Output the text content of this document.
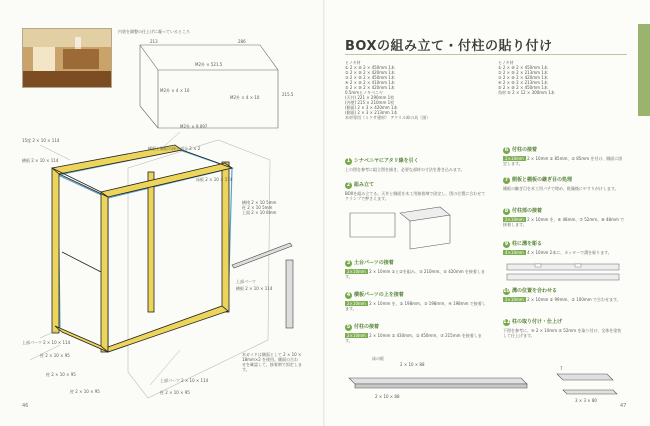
内装を調整の仕上げに凝っているところ
213	286
215.5
M2外 × 521.5
M2外 × 4 × 10
M2外 × 4 × 10
M2外 × 9.097
15度 2 × 10 × 114
横板と側板の接合部分 2 × 2
横板 2 × 10 × 114
床板 2 × 10 × 114
上部パーツ
横板 2 × 10 × 114
上部パーツ 2 × 10 × 114
柱 2 × 10 × 95
柱 2 × 10 × 95
柱 2 × 10 × 95
上部パーツ 2 × 10 × 114
柱 2 × 10 × 95
横桟 2 × 10 5mm
柱 2 × 10 5mm
上面 2 × 10 8mm
木ガイドは側面として 2 × 10 × 18mm×2 を使用。側面の合わせを確認して、接着剤で固定します。
46
BOXの組み立て・付柱の貼り付け
ヒノキ材
① 2 × ⑩ 2 × 450mm 1本
② 2 × ⑩ 2 × 420mm 1本
③ 2 × ⑩ 2 × 450mm 1本
④ 2 × ⑩ 2 × 410mm 1本
⑤ 2 × ⑩ 2 × 420mm 1本
0.5mmヒノキベニヤ
(天井) 221 × 290mm 1枚
(内壁) 215 × 210mm 1枚
(側面) 2 × 3 × 420mm 1本
(側面) 2 × 3 × 213mm 1本
木材専用（ミクサ建材） アクリル絵の具（黒）
ヒノキ材
① 2 × ⑩ 2 × 450mm 1本
② 2 × ⑩ 2 × 213mm 1本
③ 2 × ⑩ 2 × 420mm 1本
④ 2 × ⑩ 2 × 213mm 1本
⑤ 2 × ⑩ 2 × 450mm 1本
角材 ⑤ 2 × 12 × 300mm 1本
1 シナベニヤにアタリ線を引く
上の図を参考に組立図を描き、必要な部材の寸法を書き込みます。
2 組み立て
BOXを組み立てる。天井と側面を木工用接着剤で固定し、図の位置に合わせてクランプで押さえます。
3 土台パーツの接着
2×10mm 2 × 10mm ①と②を組み、③ 210mm、⑤ 420mm を接着します。
4 横板パーツの上を接着
2×10mm 2 × 10mm を、② 198mm、③ 198mm、④ 198mm で接着します。
5 付柱の接着
2×10mm 2 × 10mm ① 430mm、② 450mm、③ 215mm を接着します。
6 付柱の接着
2×10mm 2 × 10mm ① 85mm、② 85mm を付け、側面に固定します。
7 側板と棚板の継ぎ目の処理
側板の継ぎ目を木工用パテで埋め、乾燥後にやすりがけします。
8 付柱部の接着
2×10mm 2 × 10mm を、⑥ 48mm、⑦ 52mm、⑧ 48mm で接着します。
9 柱に溝を彫る
4×10mm 4 × 10mm 2本に、カッターで溝を彫ります。
10 溝の位置を合わせる
2×10mm 2 × 10mm ① 99mm、② 100mm で合わせます。
11 柱の取り付け・仕上げ
下図を参考に、④ 2 × 10mm ⑤ 52mm を取り付け、全体を塗装して仕上げます。
床の板
2 × 10 × 88
2 × 10 × 88
7
3 × 3 × 80
47
